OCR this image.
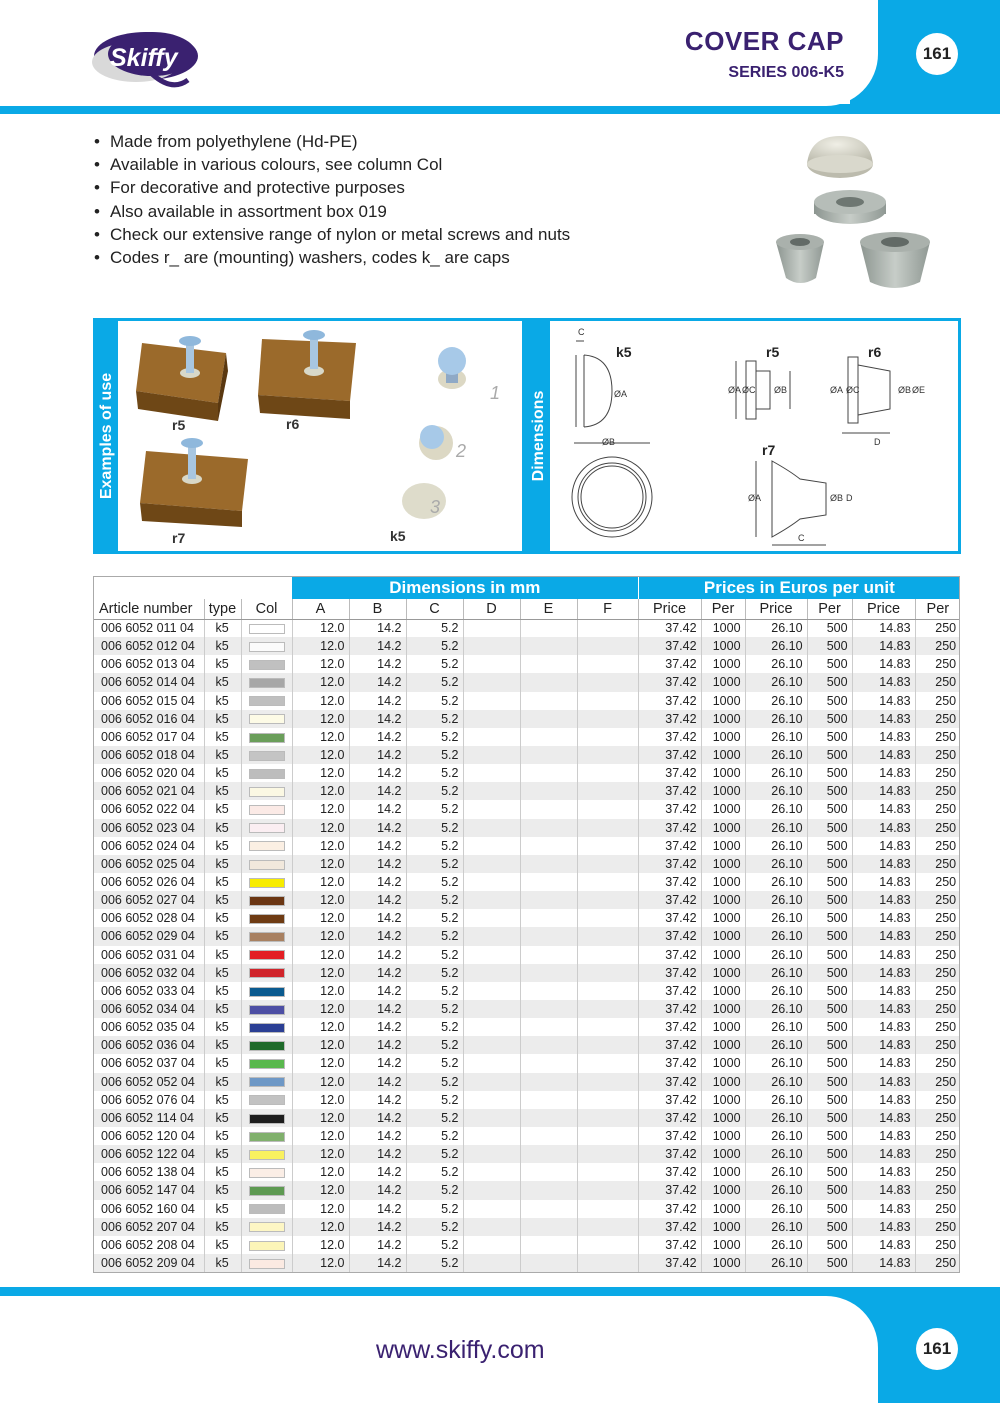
Skiffy
COVER CAP
SERIES 006-K5
161
• Made from polyethylene (Hd-PE)
• Available in various colours, see column Col
• For decorative and protective purposes
• Also available in assortment box 019
• Check our extensive range of nylon or metal screws and nuts
• Codes r_ are (mounting) washers, codes k_ are caps
Examples of use	r5	r6
r7
1
2
3
k5
Dimensions
C
ØA
ØB
ØA ØC ØB	ØA ØC	ØB ØE
D
ØA	ØB D
C
k5	r5	r6
r7
			Dimensions in mm						Prices in Euros per unit					
Article number	type	Col	A	B	C	D	E	F	Price	Per	Price	Per	Price	Per
006 6052 011 04	k5		12.0	14.2	5.2				37.42	1000	26.10	500	14.83	250
006 6052 012 04	k5		12.0	14.2	5.2				37.42	1000	26.10	500	14.83	250
006 6052 013 04	k5		12.0	14.2	5.2				37.42	1000	26.10	500	14.83	250
006 6052 014 04	k5		12.0	14.2	5.2				37.42	1000	26.10	500	14.83	250
006 6052 015 04	k5		12.0	14.2	5.2				37.42	1000	26.10	500	14.83	250
006 6052 016 04	k5		12.0	14.2	5.2				37.42	1000	26.10	500	14.83	250
006 6052 017 04	k5		12.0	14.2	5.2				37.42	1000	26.10	500	14.83	250
006 6052 018 04	k5		12.0	14.2	5.2				37.42	1000	26.10	500	14.83	250
006 6052 020 04	k5		12.0	14.2	5.2				37.42	1000	26.10	500	14.83	250
006 6052 021 04	k5		12.0	14.2	5.2				37.42	1000	26.10	500	14.83	250
006 6052 022 04	k5		12.0	14.2	5.2				37.42	1000	26.10	500	14.83	250
006 6052 023 04	k5		12.0	14.2	5.2				37.42	1000	26.10	500	14.83	250
006 6052 024 04	k5		12.0	14.2	5.2				37.42	1000	26.10	500	14.83	250
006 6052 025 04	k5		12.0	14.2	5.2				37.42	1000	26.10	500	14.83	250
006 6052 026 04	k5		12.0	14.2	5.2				37.42	1000	26.10	500	14.83	250
006 6052 027 04	k5		12.0	14.2	5.2				37.42	1000	26.10	500	14.83	250
006 6052 028 04	k5		12.0	14.2	5.2				37.42	1000	26.10	500	14.83	250
006 6052 029 04	k5		12.0	14.2	5.2				37.42	1000	26.10	500	14.83	250
006 6052 031 04	k5		12.0	14.2	5.2				37.42	1000	26.10	500	14.83	250
006 6052 032 04	k5		12.0	14.2	5.2				37.42	1000	26.10	500	14.83	250
006 6052 033 04	k5		12.0	14.2	5.2				37.42	1000	26.10	500	14.83	250
006 6052 034 04	k5		12.0	14.2	5.2				37.42	1000	26.10	500	14.83	250
006 6052 035 04	k5		12.0	14.2	5.2				37.42	1000	26.10	500	14.83	250
006 6052 036 04	k5		12.0	14.2	5.2				37.42	1000	26.10	500	14.83	250
006 6052 037 04	k5		12.0	14.2	5.2				37.42	1000	26.10	500	14.83	250
006 6052 052 04	k5		12.0	14.2	5.2				37.42	1000	26.10	500	14.83	250
006 6052 076 04	k5		12.0	14.2	5.2				37.42	1000	26.10	500	14.83	250
006 6052 114 04	k5		12.0	14.2	5.2				37.42	1000	26.10	500	14.83	250
006 6052 120 04	k5		12.0	14.2	5.2				37.42	1000	26.10	500	14.83	250
006 6052 122 04	k5		12.0	14.2	5.2				37.42	1000	26.10	500	14.83	250
006 6052 138 04	k5		12.0	14.2	5.2				37.42	1000	26.10	500	14.83	250
006 6052 147 04	k5		12.0	14.2	5.2				37.42	1000	26.10	500	14.83	250
006 6052 160 04	k5		12.0	14.2	5.2				37.42	1000	26.10	500	14.83	250
006 6052 207 04	k5		12.0	14.2	5.2				37.42	1000	26.10	500	14.83	250
006 6052 208 04	k5		12.0	14.2	5.2				37.42	1000	26.10	500	14.83	250
006 6052 209 04	k5		12.0	14.2	5.2				37.42	1000	26.10	500	14.83	250
www.skiffy.com	161
